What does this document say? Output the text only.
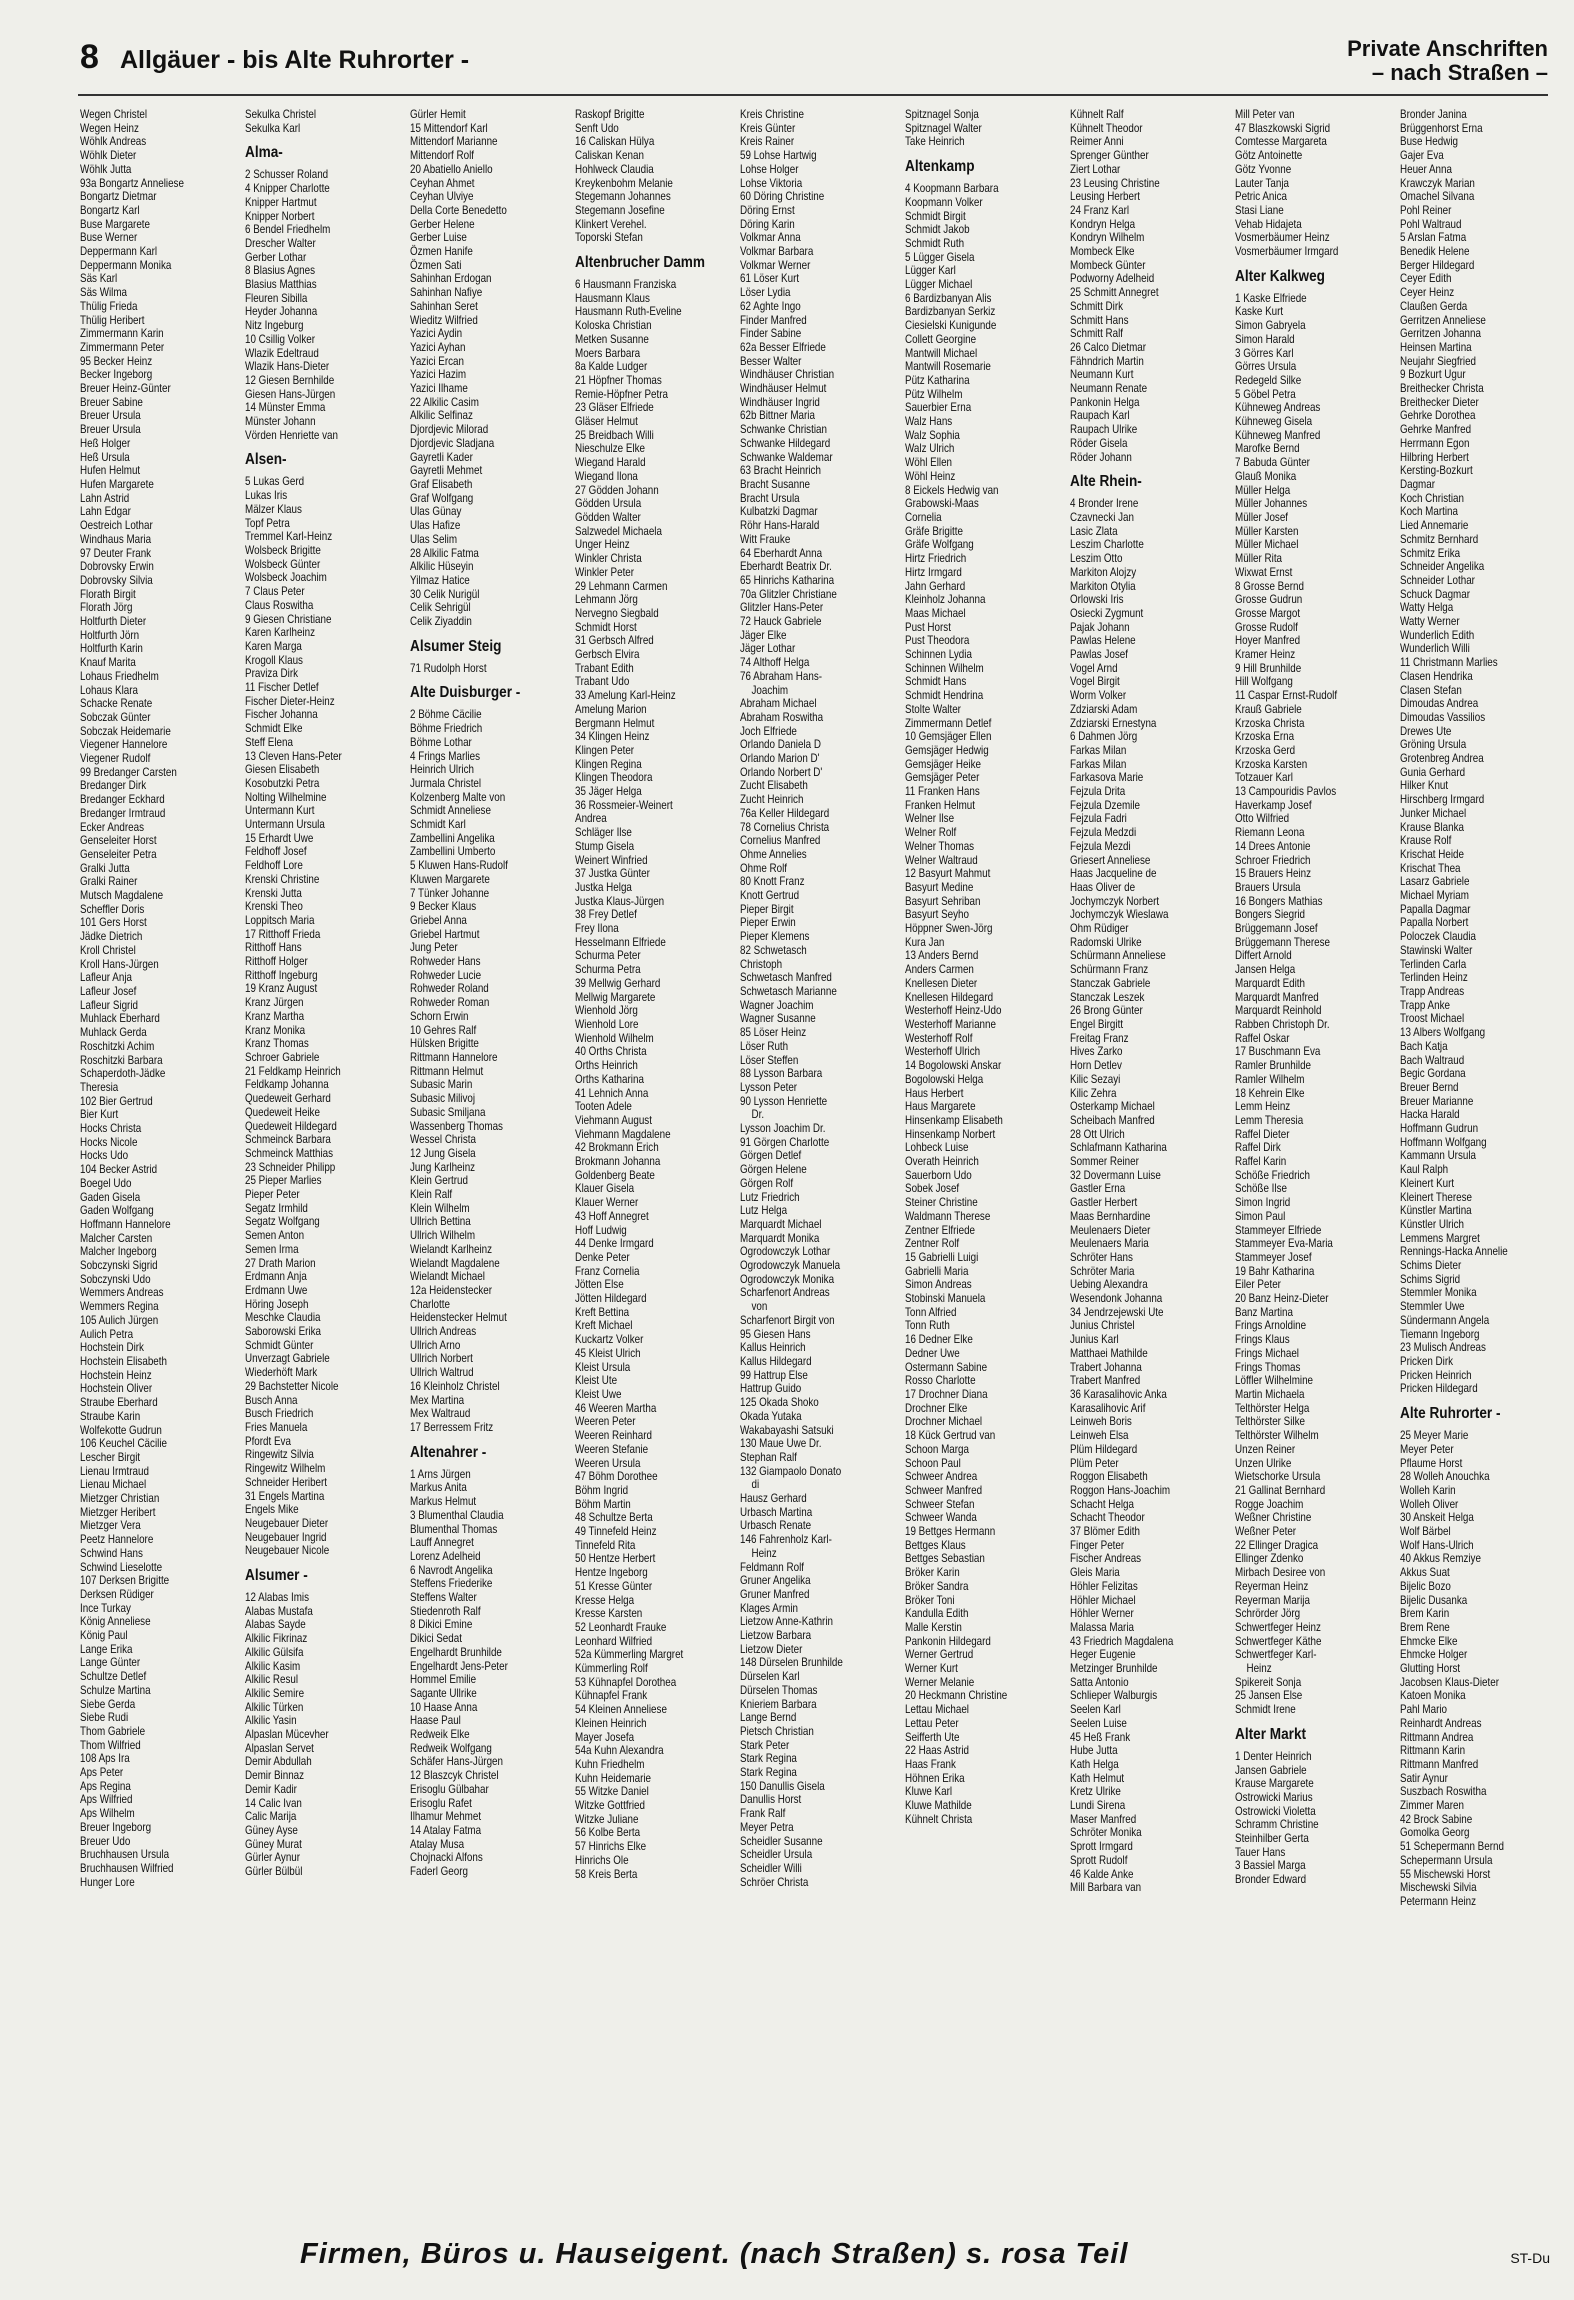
8 Allgäuer - bis Alte Ruhrorter -	Private Anschriften
– nach Straßen –
Wegen Christel
Wegen Heinz
Wöhlk Andreas
Wöhlk Dieter
Wöhlk Jutta
93a Bongartz Anneliese
Bongartz Dietmar
Bongartz Karl
Buse Margarete
Buse Werner
Deppermann Karl
Deppermann Monika
Säs Karl
Säs Wilma
Thülig Frieda
Thülig Heribert
Zimmermann Karin
Zimmermann Peter
95 Becker Heinz
Becker Ingeborg
Breuer Heinz-Günter
Breuer Sabine
Breuer Ursula
Breuer Ursula
Heß Holger
Heß Ursula
Hufen Helmut
Hufen Margarete
Lahn Astrid
Lahn Edgar
Oestreich Lothar
Windhaus Maria
97 Deuter Frank
Dobrovsky Erwin
Dobrovsky Silvia
Florath Birgit
Florath Jörg
Holtfurth Dieter
Holtfurth Jörn
Holtfurth Karin
Knauf Marita
Lohaus Friedhelm
Lohaus Klara
Schacke Renate
Sobczak Günter
Sobczak Heidemarie
Viegener Hannelore
Viegener Rudolf
99 Bredanger Carsten
Bredanger Dirk
Bredanger Eckhard
Bredanger Irmtraud
Ecker Andreas
Genseleiter Horst
Genseleiter Petra
Gralki Jutta
Gralki Rainer
Mutsch Magdalene
Scheffler Doris
101 Gers Horst
Jädke Dietrich
Kroll Christel
Kroll Hans-Jürgen
Lafleur Anja
Lafleur Josef
Lafleur Sigrid
Muhlack Eberhard
Muhlack Gerda
Roschitzki Achim
Roschitzki Barbara
Schaperdoth-Jädke
Theresia
102 Bier Gertrud
Bier Kurt
Hocks Christa
Hocks Nicole
Hocks Udo
104 Becker Astrid
Boegel Udo
Gaden Gisela
Gaden Wolfgang
Hoffmann Hannelore
Malcher Carsten
Malcher Ingeborg
Sobczynski Sigrid
Sobczynski Udo
Wemmers Andreas
Wemmers Regina
105 Aulich Jürgen
Aulich Petra
Hochstein Dirk
Hochstein Elisabeth
Hochstein Heinz
Hochstein Oliver
Straube Eberhard
Straube Karin
Wolfekotte Gudrun
106 Keuchel Cäcilie
Lescher Birgit
Lienau Irmtraud
Lienau Michael
Mietzger Christian
Mietzger Heribert
Mietzger Vera
Peetz Hannelore
Schwind Hans
Schwind Lieselotte
107 Derksen Brigitte
Derksen Rüdiger
Ince Turkay
König Anneliese
König Paul
Lange Erika
Lange Günter
Schultze Detlef
Schulze Martina
Siebe Gerda
Siebe Rudi
Thom Gabriele
Thom Wilfried
108 Aps Ira
Aps Peter
Aps Regina
Aps Wilfried
Aps Wilhelm
Breuer Ingeborg
Breuer Udo
Bruchhausen Ursula
Bruchhausen Wilfried
Hunger Lore
Sekulka Christel
Sekulka Karl
Alma-
2 Schusser Roland
4 Knipper Charlotte
Knipper Hartmut
Knipper Norbert
6 Bendel Friedhelm
Drescher Walter
Gerber Lothar
8 Blasius Agnes
Blasius Matthias
Fleuren Sibilla
Heyder Johanna
Nitz Ingeburg
10 Csillig Volker
Wlazik Edeltraud
Wlazik Hans-Dieter
12 Giesen Bernhilde
Giesen Hans-Jürgen
14 Münster Emma
Münster Johann
Vörden Henriette van
Alsen-
5 Lukas Gerd
Lukas Iris
Mälzer Klaus
Topf Petra
Tremmel Karl-Heinz
Wolsbeck Brigitte
Wolsbeck Günter
Wolsbeck Joachim
7 Claus Peter
Claus Roswitha
9 Giesen Christiane
Karen Karlheinz
Karen Marga
Krogoll Klaus
Praviza Dirk
11 Fischer Detlef
Fischer Dieter-Heinz
Fischer Johanna
Schmidt Elke
Steff Elena
13 Cleven Hans-Peter
Giesen Elisabeth
Kosobutzki Petra
Nolting Wilhelmine
Untermann Kurt
Untermann Ursula
15 Erhardt Uwe
Feldhoff Josef
Feldhoff Lore
Krenski Christine
Krenski Jutta
Krenski Theo
Loppitsch Maria
17 Ritthoff Frieda
Ritthoff Hans
Ritthoff Holger
Ritthoff Ingeburg
19 Kranz August
Kranz Jürgen
Kranz Martha
Kranz Monika
Kranz Thomas
Schroer Gabriele
21 Feldkamp Heinrich
Feldkamp Johanna
Quedeweit Gerhard
Quedeweit Heike
Quedeweit Hildegard
Schmeinck Barbara
Schmeinck Matthias
23 Schneider Philipp
25 Pieper Marlies
Pieper Peter
Segatz Irmhild
Segatz Wolfgang
Semen Anton
Semen Irma
27 Drath Marion
Erdmann Anja
Erdmann Uwe
Höring Joseph
Meschke Claudia
Saborowski Erika
Schmidt Günter
Unverzagt Gabriele
Wiederhöft Mark
29 Bachstetter Nicole
Busch Anna
Busch Friedrich
Fries Manuela
Pfordt Eva
Ringewitz Silvia
Ringewitz Wilhelm
Schneider Heribert
31 Engels Martina
Engels Mike
Neugebauer Dieter
Neugebauer Ingrid
Neugebauer Nicole
Alsumer -
12 Alabas Imis
Alabas Mustafa
Alabas Sayde
Alkilic Fikrinaz
Alkilic Gülsifa
Alkilic Kasim
Alkilic Resul
Alkilic Semire
Alkilic Türken
Alkilic Yasin
Alpaslan Mücevher
Alpaslan Servet
Demir Abdullah
Demir Binnaz
Demir Kadir
14 Calic Ivan
Calic Marija
Güney Ayse
Güney Murat
Gürler Aynur
Gürler Bülbül
Gürler Hemit
15 Mittendorf Karl
Mittendorf Marianne
Mittendorf Rolf
20 Abatiello Aniello
Ceyhan Ahmet
Ceyhan Ulviye
Della Corte Benedetto
Gerber Helene
Gerber Luise
Özmen Hanife
Özmen Sati
Sahinhan Erdogan
Sahinhan Nafiye
Sahinhan Seret
Wieditz Wilfried
Yazici Aydin
Yazici Ayhan
Yazici Ercan
Yazici Hazim
Yazici Ilhame
22 Alkilic Casim
Alkilic Selfinaz
Djordjevic Milorad
Djordjevic Sladjana
Gayretli Kader
Gayretli Mehmet
Graf Elisabeth
Graf Wolfgang
Ulas Günay
Ulas Hafize
Ulas Selim
28 Alkilic Fatma
Alkilic Hüseyin
Yilmaz Hatice
30 Celik Nurigül
Celik Sehrigül
Celik Ziyaddin
Alsumer Steig
71 Rudolph Horst
Alte Duisburger -
2 Böhme Cäcilie
Böhme Friedrich
Böhme Lothar
4 Frings Marlies
Heinrich Ulrich
Jurmala Christel
Kolzenberg Malte von
Schmidt Anneliese
Schmidt Karl
Zambellini Angelika
Zambellini Umberto
5 Kluwen Hans-Rudolf
Kluwen Margarete
7 Tünker Johanne
9 Becker Klaus
Griebel Anna
Griebel Hartmut
Jung Peter
Rohweder Hans
Rohweder Lucie
Rohweder Roland
Rohweder Roman
Schorn Erwin
10 Gehres Ralf
Hülsken Brigitte
Rittmann Hannelore
Rittmann Helmut
Subasic Marin
Subasic Milivoj
Subasic Smiljana
Wassenberg Thomas
Wessel Christa
12 Jung Gisela
Jung Karlheinz
Klein Gertrud
Klein Ralf
Klein Wilhelm
Ullrich Bettina
Ullrich Wilhelm
Wielandt Karlheinz
Wielandt Magdalene
Wielandt Michael
12a Heidenstecker
Charlotte
Heidenstecker Helmut
Ullrich Andreas
Ullrich Arno
Ullrich Norbert
Ullrich Waltrud
16 Kleinholz Christel
Mex Martina
Mex Waltraud
17 Berressem Fritz
Altenahrer -
1 Arns Jürgen
Markus Anita
Markus Helmut
3 Blumenthal Claudia
Blumenthal Thomas
Lauff Annegret
Lorenz Adelheid
6 Navrodt Angelika
Steffens Friederike
Steffens Walter
Stiedenroth Ralf
8 Dikici Emine
Dikici Sedat
Engelhardt Brunhilde
Engelhardt Jens-Peter
Hommel Emilie
Sagante Ullrike
10 Haase Anna
Haase Paul
Redweik Elke
Redweik Wolfgang
Schäfer Hans-Jürgen
12 Blaszcyk Christel
Erisoglu Gülbahar
Erisoglu Rafet
Ilhamur Mehmet
14 Atalay Fatma
Atalay Musa
Chojnacki Alfons
Faderl Georg
Raskopf Brigitte
Senft Udo
16 Caliskan Hülya
Caliskan Kenan
Hohlweck Claudia
Kreykenbohm Melanie
Stegemann Johannes
Stegemann Josefine
Klinkert Verehel.
Toporski Stefan
Altenbrucher Damm
6 Hausmann Franziska
Hausmann Klaus
Hausmann Ruth-Eveline
Koloska Christian
Metken Susanne
Moers Barbara
8a Kalde Ludger
21 Höpfner Thomas
Remie-Höpfner Petra
23 Gläser Elfriede
Gläser Helmut
25 Breidbach Willi
Nieschulze Elke
Wiegand Harald
Wiegand Ilona
27 Gödden Johann
Gödden Ursula
Gödden Walter
Salzwedel Michaela
Unger Heinz
Winkler Christa
Winkler Peter
29 Lehmann Carmen
Lehmann Jörg
Nervegno Siegbald
Schmidt Horst
31 Gerbsch Alfred
Gerbsch Elvira
Trabant Edith
Trabant Udo
33 Amelung Karl-Heinz
Amelung Marion
Bergmann Helmut
34 Klingen Heinz
Klingen Peter
Klingen Regina
Klingen Theodora
35 Jäger Helga
36 Rossmeier-Weinert
Andrea
Schläger Ilse
Stump Gisela
Weinert Winfried
37 Justka Günter
Justka Helga
Justka Klaus-Jürgen
38 Frey Detlef
Frey Ilona
Hesselmann Elfriede
Schurma Peter
Schurma Petra
39 Mellwig Gerhard
Mellwig Margarete
Wienhold Jörg
Wienhold Lore
Wienhold Wilhelm
40 Orths Christa
Orths Heinrich
Orths Katharina
41 Lehnich Anna
Tooten Adele
Viehmann August
Viehmann Magdalene
42 Brokmann Erich
Brokmann Johanna
Goldenberg Beate
Klauer Gisela
Klauer Werner
43 Hoff Annegret
Hoff Ludwig
44 Denke Irmgard
Denke Peter
Franz Cornelia
Jötten Else
Jötten Hildegard
Kreft Bettina
Kreft Michael
Kuckartz Volker
45 Kleist Ulrich
Kleist Ursula
Kleist Ute
Kleist Uwe
46 Weeren Martha
Weeren Peter
Weeren Reinhard
Weeren Stefanie
Weeren Ursula
47 Böhm Dorothee
Böhm Ingrid
Böhm Martin
48 Schultze Berta
49 Tinnefeld Heinz
Tinnefeld Rita
50 Hentze Herbert
Hentze Ingeborg
51 Kresse Günter
Kresse Helga
Kresse Karsten
52 Leonhardt Frauke
Leonhard Wilfried
52a Kümmerling Margret
Kümmerling Rolf
53 Kühnapfel Dorothea
Kühnapfel Frank
54 Kleinen Anneliese
Kleinen Heinrich
Mayer Josefa
54a Kuhn Alexandra
Kuhn Friedhelm
Kuhn Heidemarie
55 Witzke Daniel
Witzke Gottfried
Witzke Juliane
56 Kolbe Berta
57 Hinrichs Elke
Hinrichs Ole
58 Kreis Berta
Kreis Christine
Kreis Günter
Kreis Rainer
59 Lohse Hartwig
Lohse Holger
Lohse Viktoria
60 Döring Christine
Döring Ernst
Döring Karin
Volkmar Anna
Volkmar Barbara
Volkmar Werner
61 Löser Kurt
Löser Lydia
62 Aghte Ingo
Finder Manfred
Finder Sabine
62a Besser Elfriede
Besser Walter
Windhäuser Christian
Windhäuser Helmut
Windhäuser Ingrid
62b Bittner Maria
Schwanke Christian
Schwanke Hildegard
Schwanke Waldemar
63 Bracht Heinrich
Bracht Susanne
Bracht Ursula
Kulbatzki Dagmar
Röhr Hans-Harald
Witt Frauke
64 Eberhardt Anna
Eberhardt Beatrix Dr.
65 Hinrichs Katharina
70a Glitzler Christiane
Glitzler Hans-Peter
72 Hauck Gabriele
Jäger Elke
Jäger Lothar
74 Althoff Helga
76 Abraham Hans-
Joachim
Abraham Michael
Abraham Roswitha
Joch Elfriede
Orlando Daniela D
Orlando Marion D'
Orlando Norbert D'
Zucht Elisabeth
Zucht Heinrich
76a Keller Hildegard
78 Cornelius Christa
Cornelius Manfred
Ohme Annelies
Ohme Rolf
80 Knott Franz
Knott Gertrud
Pieper Birgit
Pieper Erwin
Pieper Klemens
82 Schwetasch
Christoph
Schwetasch Manfred
Schwetasch Marianne
Wagner Joachim
Wagner Susanne
85 Löser Heinz
Löser Ruth
Löser Steffen
88 Lysson Barbara
Lysson Peter
90 Lysson Henriette
Dr.
Lysson Joachim Dr.
91 Görgen Charlotte
Görgen Detlef
Görgen Helene
Görgen Rolf
Lutz Friedrich
Lutz Helga
Marquardt Michael
Marquardt Monika
Ogrodowczyk Lothar
Ogrodowczyk Manuela
Ogrodowczyk Monika
Scharfenort Andreas
von
Scharfenort Birgit von
95 Giesen Hans
Kallus Heinrich
Kallus Hildegard
99 Hattrup Else
Hattrup Guido
125 Okada Shoko
Okada Yutaka
Wakabayashi Satsuki
130 Maue Uwe Dr.
Stephan Ralf
132 Giampaolo Donato
di
Hausz Gerhard
Urbasch Martina
Urbasch Renate
146 Fahrenholz Karl-
Heinz
Feldmann Rolf
Gruner Angelika
Gruner Manfred
Klages Armin
Lietzow Anne-Kathrin
Lietzow Barbara
Lietzow Dieter
148 Dürselen Brunhilde
Dürselen Karl
Dürselen Thomas
Knieriem Barbara
Lange Bernd
Pietsch Christian
Stark Peter
Stark Regina
Stark Regina
150 Danullis Gisela
Danullis Horst
Frank Ralf
Meyer Petra
Scheidler Susanne
Scheidler Ursula
Scheidler Willi
Schröer Christa
Spitznagel Sonja
Spitznagel Walter
Take Heinrich
Altenkamp
4 Koopmann Barbara
Koopmann Volker
Schmidt Birgit
Schmidt Jakob
Schmidt Ruth
5 Lügger Gisela
Lügger Karl
Lügger Michael
6 Bardizbanyan Alis
Bardizbanyan Serkiz
Ciesielski Kunigunde
Collett Georgine
Mantwill Michael
Mantwill Rosemarie
Pütz Katharina
Pütz Wilhelm
Sauerbier Erna
Walz Hans
Walz Sophia
Walz Ulrich
Wöhl Ellen
Wöhl Heinz
8 Eickels Hedwig van
Grabowski-Maas
Cornelia
Gräfe Brigitte
Gräfe Wolfgang
Hirtz Friedrich
Hirtz Irmgard
Jahn Gerhard
Kleinholz Johanna
Maas Michael
Pust Horst
Pust Theodora
Schinnen Lydia
Schinnen Wilhelm
Schmidt Hans
Schmidt Hendrina
Stolte Walter
Zimmermann Detlef
10 Gemsjäger Ellen
Gemsjäger Hedwig
Gemsjäger Heike
Gemsjäger Peter
11 Franken Hans
Franken Helmut
Welner Ilse
Welner Rolf
Welner Thomas
Welner Waltraud
12 Basyurt Mahmut
Basyurt Medine
Basyurt Sehriban
Basyurt Seyho
Höppner Swen-Jörg
Kura Jan
13 Anders Bernd
Anders Carmen
Knellesen Dieter
Knellesen Hildegard
Westerhoff Heinz-Udo
Westerhoff Marianne
Westerhoff Rolf
Westerhoff Ulrich
14 Bogolowski Anskar
Bogolowski Helga
Haus Herbert
Haus Margarete
Hinsenkamp Elisabeth
Hinsenkamp Norbert
Lohbeck Luise
Overath Heinrich
Sauerborn Udo
Sobek Josef
Steiner Christine
Waldmann Therese
Zentner Elfriede
Zentner Rolf
15 Gabrielli Luigi
Gabrielli Maria
Simon Andreas
Stobinski Manuela
Tonn Alfried
Tonn Ruth
16 Dedner Elke
Dedner Uwe
Ostermann Sabine
Rosso Charlotte
17 Drochner Diana
Drochner Elke
Drochner Michael
18 Kück Gertrud van
Schoon Marga
Schoon Paul
Schweer Andrea
Schweer Manfred
Schweer Stefan
Schweer Wanda
19 Bettges Hermann
Bettges Klaus
Bettges Sebastian
Bröker Karin
Bröker Sandra
Bröker Toni
Kandulla Edith
Malle Kerstin
Pankonin Hildegard
Werner Gertrud
Werner Kurt
Werner Melanie
20 Heckmann Christine
Lettau Michael
Lettau Peter
Seifferth Ute
22 Haas Astrid
Haas Frank
Höhnen Erika
Kluwe Karl
Kluwe Mathilde
Kühnelt Christa
Kühnelt Ralf
Kühnelt Theodor
Reimer Anni
Sprenger Günther
Ziert Lothar
23 Leusing Christine
Leusing Herbert
24 Franz Karl
Kondryn Helga
Kondryn Wilhelm
Mombeck Elke
Mombeck Günter
Podworny Adelheid
25 Schmitt Annegret
Schmitt Dirk
Schmitt Hans
Schmitt Ralf
26 Calco Dietmar
Fähndrich Martin
Neumann Kurt
Neumann Renate
Pankonin Helga
Raupach Karl
Raupach Ulrike
Röder Gisela
Röder Johann
Alte Rhein-
4 Bronder Irene
Czavnecki Jan
Lasic Zlata
Leszim Charlotte
Leszim Otto
Markiton Alojzy
Markiton Otylia
Orlowski Iris
Osiecki Zygmunt
Pajak Johann
Pawlas Helene
Pawlas Josef
Vogel Arnd
Vogel Birgit
Worm Volker
Zdziarski Adam
Zdziarski Ernestyna
6 Dahmen Jörg
Farkas Milan
Farkas Milan
Farkasova Marie
Fejzula Drita
Fejzula Dzemile
Fejzula Fadri
Fejzula Medzdi
Fejzula Mezdi
Griesert Anneliese
Haas Jacqueline de
Haas Oliver de
Jochymczyk Norbert
Jochymczyk Wieslawa
Ohm Rüdiger
Radomski Ulrike
Schürmann Anneliese
Schürmann Franz
Stanczak Gabriele
Stanczak Leszek
26 Brong Günter
Engel Birgitt
Freitag Franz
Hives Zarko
Horn Detlev
Kilic Sezayi
Kilic Zehra
Osterkamp Michael
Scheibach Manfred
28 Ott Ulrich
Schlafmann Katharina
Sommer Reiner
32 Dovermann Luise
Gastler Erna
Gastler Herbert
Maas Bernhardine
Meulenaers Dieter
Meulenaers Maria
Schröter Hans
Schröter Maria
Uebing Alexandra
Wesendonk Johanna
34 Jendrzejewski Ute
Junius Christel
Junius Karl
Matthaei Mathilde
Trabert Johanna
Trabert Manfred
36 Karasalihovic Anka
Karasalihovic Arif
Leinweh Boris
Leinweh Elsa
Plüm Hildegard
Plüm Peter
Roggon Elisabeth
Roggon Hans-Joachim
Schacht Helga
Schacht Theodor
37 Blömer Edith
Finger Peter
Fischer Andreas
Gleis Maria
Höhler Felizitas
Höhler Michael
Höhler Werner
Malassa Maria
43 Friedrich Magdalena
Heger Eugenie
Metzinger Brunhilde
Satta Antonio
Schlieper Walburgis
Seelen Karl
Seelen Luise
45 Heß Frank
Hube Jutta
Kath Helga
Kath Helmut
Kretz Ulrike
Lundi Sirena
Maser Manfred
Schröter Monika
Sprott Irmgard
Sprott Rudolf
46 Kalde Anke
Mill Barbara van
Mill Peter van
47 Blaszkowski Sigrid
Comtesse Margareta
Götz Antoinette
Götz Yvonne
Lauter Tanja
Petric Anica
Stasi Liane
Vehab Hidajeta
Vosmerbäumer Heinz
Vosmerbäumer Irmgard
Alter Kalkweg
1 Kaske Elfriede
Kaske Kurt
Simon Gabryela
Simon Harald
3 Görres Karl
Görres Ursula
Redegeld Silke
5 Göbel Petra
Kühneweg Andreas
Kühneweg Gisela
Kühneweg Manfred
Marofke Bernd
7 Babuda Günter
Glauß Monika
Müller Helga
Müller Johannes
Müller Josef
Müller Karsten
Müller Michael
Müller Rita
Wixwat Ernst
8 Grosse Bernd
Grosse Gudrun
Grosse Margot
Grosse Rudolf
Hoyer Manfred
Kramer Heinz
9 Hill Brunhilde
Hill Wolfgang
11 Caspar Ernst-Rudolf
Krauß Gabriele
Krzoska Christa
Krzoska Erna
Krzoska Gerd
Krzoska Karsten
Totzauer Karl
13 Campouridis Pavlos
Haverkamp Josef
Otto Wilfried
Riemann Leona
14 Drees Antonie
Schroer Friedrich
15 Brauers Heinz
Brauers Ursula
16 Bongers Mathias
Bongers Siegrid
Brüggemann Josef
Brüggemann Therese
Differt Arnold
Jansen Helga
Marquardt Edith
Marquardt Manfred
Marquardt Reinhold
Rabben Christoph Dr.
Raffel Oskar
17 Buschmann Eva
Ramler Brunhilde
Ramler Wilhelm
18 Kehrein Elke
Lemm Heinz
Lemm Theresia
Raffel Dieter
Raffel Dirk
Raffel Karin
Schöße Friedrich
Schöße Ilse
Simon Ingrid
Simon Paul
Stammeyer Elfriede
Stammeyer Eva-Maria
Stammeyer Josef
19 Bahr Katharina
Eiler Peter
20 Banz Heinz-Dieter
Banz Martina
Frings Arnoldine
Frings Klaus
Frings Michael
Frings Thomas
Löffler Wilhelmine
Martin Michaela
Telthörster Helga
Telthörster Silke
Telthörster Wilhelm
Unzen Reiner
Unzen Ulrike
Wietschorke Ursula
21 Gallinat Bernhard
Rogge Joachim
Weßner Christine
Weßner Peter
22 Ellinger Dragica
Ellinger Zdenko
Mirbach Desiree von
Reyerman Heinz
Reyerman Marija
Schrörder Jörg
Schwertfeger Heinz
Schwertfeger Käthe
Schwertfeger Karl-
Heinz
Spikereit Sonja
25 Jansen Else
Schmidt Irene
Alter Markt
1 Denter Heinrich
Jansen Gabriele
Krause Margarete
Ostrowicki Marius
Ostrowicki Violetta
Schramm Christine
Steinhilber Gerta
Tauer Hans
3 Bassiel Marga
Bronder Edward
Bronder Janina
Brüggenhorst Erna
Buse Hedwig
Gajer Eva
Heuer Anna
Krawczyk Marian
Omachel Silvana
Pohl Reiner
Pohl Waltraud
5 Arslan Fatma
Benedik Helene
Berger Hildegard
Ceyer Edith
Ceyer Heinz
Claußen Gerda
Gerritzen Anneliese
Gerritzen Johanna
Heinsen Martina
Neujahr Siegfried
9 Bozkurt Ugur
Breithecker Christa
Breithecker Dieter
Gehrke Dorothea
Gehrke Manfred
Herrmann Egon
Hilbring Herbert
Kersting-Bozkurt
Dagmar
Koch Christian
Koch Martina
Lied Annemarie
Schmitz Bernhard
Schmitz Erika
Schneider Angelika
Schneider Lothar
Schuck Dagmar
Watty Helga
Watty Werner
Wunderlich Edith
Wunderlich Willi
11 Christmann Marlies
Clasen Hendrika
Clasen Stefan
Dimoudas Andrea
Dimoudas Vassilios
Drewes Ute
Gröning Ursula
Grotenbreg Andrea
Gunia Gerhard
Hilker Knut
Hirschberg Irmgard
Junker Michael
Krause Blanka
Krause Rolf
Krischat Heide
Krischat Thea
Lasarz Gabriele
Michael Myriam
Papalla Dagmar
Papalla Norbert
Poloczek Claudia
Stawinski Walter
Terlinden Carla
Terlinden Heinz
Trapp Andreas
Trapp Anke
Troost Michael
13 Albers Wolfgang
Bach Katja
Bach Waltraud
Begic Gordana
Breuer Bernd
Breuer Marianne
Hacka Harald
Hoffmann Gudrun
Hoffmann Wolfgang
Kammann Ursula
Kaul Ralph
Kleinert Kurt
Kleinert Therese
Künstler Martina
Künstler Ulrich
Lemmens Margret
Rennings-Hacka Annelie
Schims Dieter
Schims Sigrid
Stemmler Monika
Stemmler Uwe
Sündermann Angela
Tiemann Ingeborg
23 Mulisch Andreas
Pricken Dirk
Pricken Heinrich
Pricken Hildegard
Alte Ruhrorter -
25 Meyer Marie
Meyer Peter
Pflaume Horst
28 Wolleh Anouchka
Wolleh Karin
Wolleh Oliver
30 Anskeit Helga
Wolf Bärbel
Wolf Hans-Ulrich
40 Akkus Remziye
Akkus Suat
Bijelic Bozo
Bijelic Dusanka
Brem Karin
Brem Rene
Ehmcke Elke
Ehmcke Holger
Glutting Horst
Jacobsen Klaus-Dieter
Katoen Monika
Pahl Mario
Reinhardt Andreas
Rittmann Andrea
Rittmann Karin
Rittmann Manfred
Satir Aynur
Suszbach Roswitha
Zimmer Maren
42 Brock Sabine
Gomolka Georg
51 Schepermann Bernd
Schepermann Ursula
55 Mischewski Horst
Mischewski Silvia
Petermann Heinz
Firmen, Büros u. Hauseigent. (nach Straßen) s. rosa Teil	ST-Du
